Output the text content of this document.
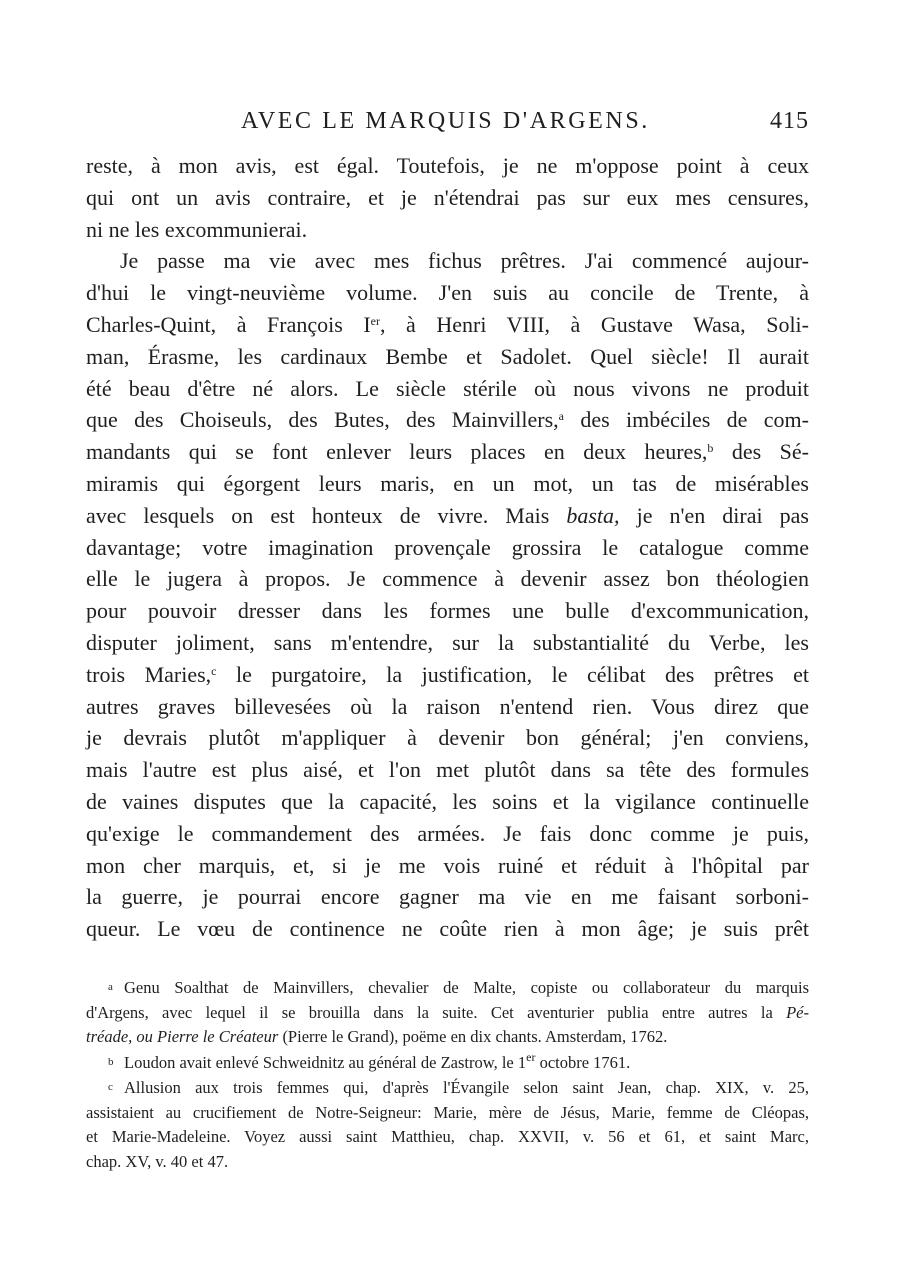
AVEC LE MARQUIS D'ARGENS.	415

reste, à mon avis, est égal. Toutefois, je ne m'oppose point à ceux
qui ont un avis contraire, et je n'étendrai pas sur eux mes censures,
ni ne les excommunierai.

Je passe ma vie avec mes fichus prêtres. J'ai commencé aujour-
d'hui le vingt-neuvième volume. J'en suis au concile de Trente, à
Charles-Quint, à François Ier, à Henri VIII, à Gustave Wasa, Soli-
man, Érasme, les cardinaux Bembe et Sadolet. Quel siècle! Il aurait
été beau d'être né alors. Le siècle stérile où nous vivons ne produit
que des Choiseuls, des Butes, des Mainvillers,$^a$ des imbéciles de com-
mandants qui se font enlever leurs places en deux heures,$^b$ des Sé-
miramis qui égorgent leurs maris, en un mot, un tas de misérables
avec lesquels on est honteux de vivre. Mais basta, je n'en dirai pas
davantage; votre imagination provençale grossira le catalogue comme
elle le jugera à propos. Je commence à devenir assez bon théologien
pour pouvoir dresser dans les formes une bulle d'excommunication,
disputer joliment, sans m'entendre, sur la substantialité du Verbe, les
trois Maries,$^c$ le purgatoire, la justification, le célibat des prêtres et
autres graves billevesées où la raison n'entend rien. Vous direz que
je devrais plutôt m'appliquer à devenir bon général; j'en conviens,
mais l'autre est plus aisé, et l'on met plutôt dans sa tête des formules
de vaines disputes que la capacité, les soins et la vigilance continuelle
qu'exige le commandement des armées. Je fais donc comme je puis,
mon cher marquis, et, si je me vois ruiné et réduit à l'hôpital par
la guerre, je pourrai encore gagner ma vie en me faisant sorboni-
queur. Le vœu de continence ne coûte rien à mon âge; je suis prêt

a Genu Soalthat de Mainvillers, chevalier de Malte, copiste ou collaborateur du marquis
d'Argens, avec lequel il se brouilla dans la suite. Cet aventurier publia entre autres la Pé-
tréade, ou Pierre le Créateur (Pierre le Grand), poëme en dix chants. Amsterdam, 1762.
b Loudon avait enlevé Schweidnitz au général de Zastrow, le 1er octobre 1761.
c Allusion aux trois femmes qui, d'après l'Évangile selon saint Jean, chap. XIX, v. 25,
assistaient au crucifiement de Notre-Seigneur: Marie, mère de Jésus, Marie, femme de Cléopas,
et Marie-Madeleine. Voyez aussi saint Matthieu, chap. XXVII, v. 56 et 61, et saint Marc,
chap. XV, v. 40 et 47.
